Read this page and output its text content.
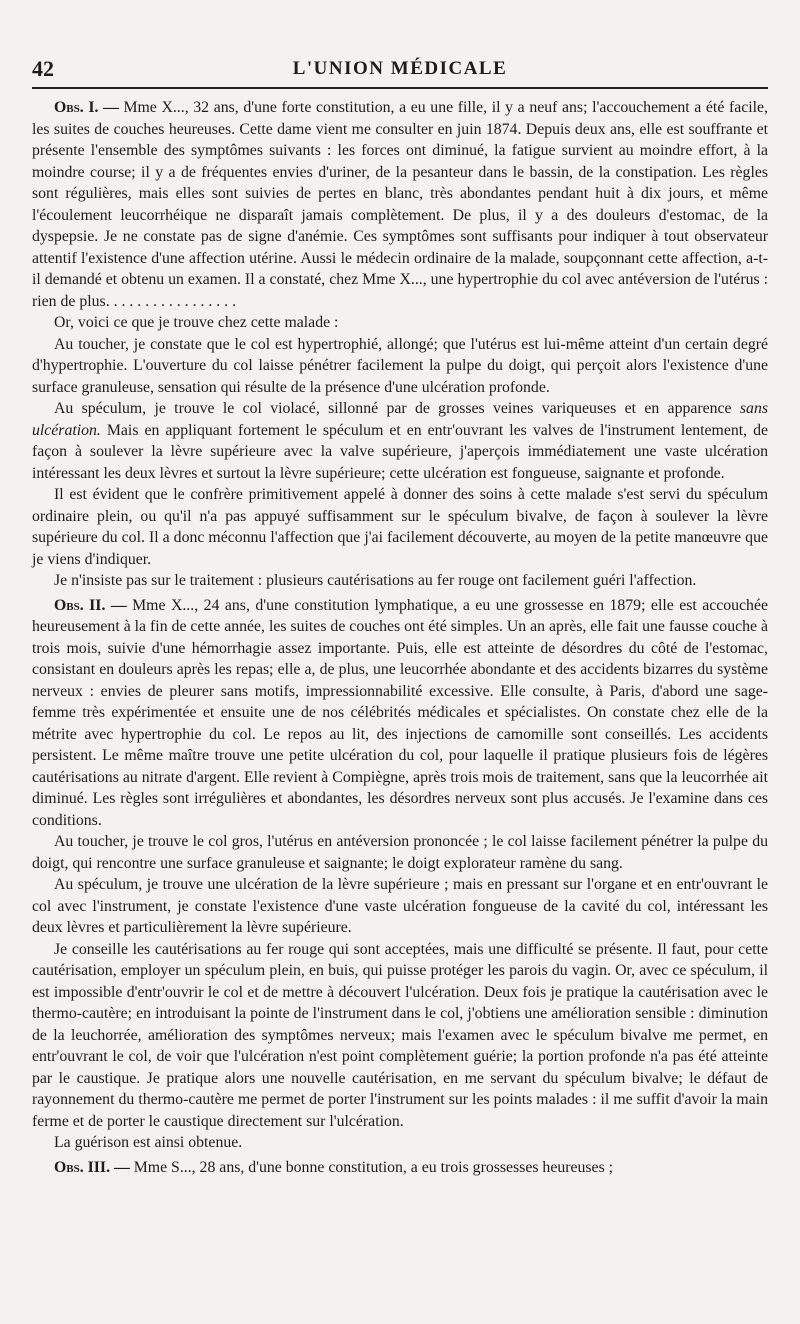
42	L'UNION MÉDICALE

Obs. I. — Mme X..., 32 ans, d'une forte constitution, a eu une fille, il y a neuf ans; l'accouchement a été facile, les suites de couches heureuses. Cette dame vient me consulter en juin 1874. Depuis deux ans, elle est souffrante et présente l'ensemble des symptômes suivants : les forces ont diminué, la fatigue survient au moindre effort, à la moindre course; il y a de fréquentes envies d'uriner, de la pesanteur dans le bassin, de la constipation. Les règles sont régulières, mais elles sont suivies de pertes en blanc, très abondantes pendant huit à dix jours, et même l'écoulement leucorrhéique ne disparaît jamais complètement. De plus, il y a des douleurs d'estomac, de la dyspepsie. Je ne constate pas de signe d'anémie. Ces symptômes sont suffisants pour indiquer à tout observateur attentif l'existence d'une affection utérine. Aussi le médecin ordinaire de la malade, soupçonnant cette affection, a-t-il demandé et obtenu un examen. Il a constaté, chez Mme X..., une hypertrophie du col avec antéversion de l'utérus : rien de plus. . . . . . . . . . . . . . . . .

Or, voici ce que je trouve chez cette malade :

Au toucher, je constate que le col est hypertrophié, allongé; que l'utérus est lui-même atteint d'un certain degré d'hypertrophie. L'ouverture du col laisse pénétrer facilement la pulpe du doigt, qui perçoit alors l'existence d'une surface granuleuse, sensation qui résulte de la présence d'une ulcération profonde.

Au spéculum, je trouve le col violacé, sillonné par de grosses veines variqueuses et en apparence sans ulcération. Mais en appliquant fortement le spéculum et en entr'ouvrant les valves de l'instrument lentement, de façon à soulever la lèvre supérieure avec la valve supérieure, j'aperçois immédiatement une vaste ulcération intéressant les deux lèvres et surtout la lèvre supérieure; cette ulcération est fongueuse, saignante et profonde.

Il est évident que le confrère primitivement appelé à donner des soins à cette malade s'est servi du spéculum ordinaire plein, ou qu'il n'a pas appuyé suffisamment sur le spéculum bivalve, de façon à soulever la lèvre supérieure du col. Il a donc méconnu l'affection que j'ai facilement découverte, au moyen de la petite manœuvre que je viens d'indiquer.

Je n'insiste pas sur le traitement : plusieurs cautérisations au fer rouge ont facilement guéri l'affection.

Obs. II. — Mme X..., 24 ans, d'une constitution lymphatique, a eu une grossesse en 1879; elle est accouchée heureusement à la fin de cette année, les suites de couches ont été simples. Un an après, elle fait une fausse couche à trois mois, suivie d'une hémorrhagie assez importante. Puis, elle est atteinte de désordres du côté de l'estomac, consistant en douleurs après les repas; elle a, de plus, une leucorrhée abondante et des accidents bizarres du système nerveux : envies de pleurer sans motifs, impressionnabilité excessive. Elle consulte, à Paris, d'abord une sage-femme très expérimentée et ensuite une de nos célébrités médicales et spécialistes. On constate chez elle de la métrite avec hypertrophie du col. Le repos au lit, des injections de camomille sont conseillés. Les accidents persistent. Le même maître trouve une petite ulcération du col, pour laquelle il pratique plusieurs fois de légères cautérisations au nitrate d'argent. Elle revient à Compiègne, après trois mois de traitement, sans que la leucorrhée ait diminué. Les règles sont irrégulières et abondantes, les désordres nerveux sont plus accusés. Je l'examine dans ces conditions.

Au toucher, je trouve le col gros, l'utérus en antéversion prononcée ; le col laisse facilement pénétrer la pulpe du doigt, qui rencontre une surface granuleuse et saignante; le doigt explorateur ramène du sang.

Au spéculum, je trouve une ulcération de la lèvre supérieure ; mais en pressant sur l'organe et en entr'ouvrant le col avec l'instrument, je constate l'existence d'une vaste ulcération fongueuse de la cavité du col, intéressant les deux lèvres et particulièrement la lèvre supérieure.

Je conseille les cautérisations au fer rouge qui sont acceptées, mais une difficulté se présente. Il faut, pour cette cautérisation, employer un spéculum plein, en buis, qui puisse protéger les parois du vagin. Or, avec ce spéculum, il est impossible d'entr'ouvrir le col et de mettre à découvert l'ulcération. Deux fois je pratique la cautérisation avec le thermo-cautère; en introduisant la pointe de l'instrument dans le col, j'obtiens une amélioration sensible : diminution de la leuchorrée, amélioration des symptômes nerveux; mais l'examen avec le spéculum bivalve me permet, en entr'ouvrant le col, de voir que l'ulcération n'est point complètement guérie; la portion profonde n'a pas été atteinte par le caustique. Je pratique alors une nouvelle cautérisation, en me servant du spéculum bivalve; le défaut de rayonnement du thermo-cautère me permet de porter l'instrument sur les points malades : il me suffit d'avoir la main ferme et de porter le caustique directement sur l'ulcération.

La guérison est ainsi obtenue.

Obs. III. — Mme S..., 28 ans, d'une bonne constitution, a eu trois grossesses heureuses ;
